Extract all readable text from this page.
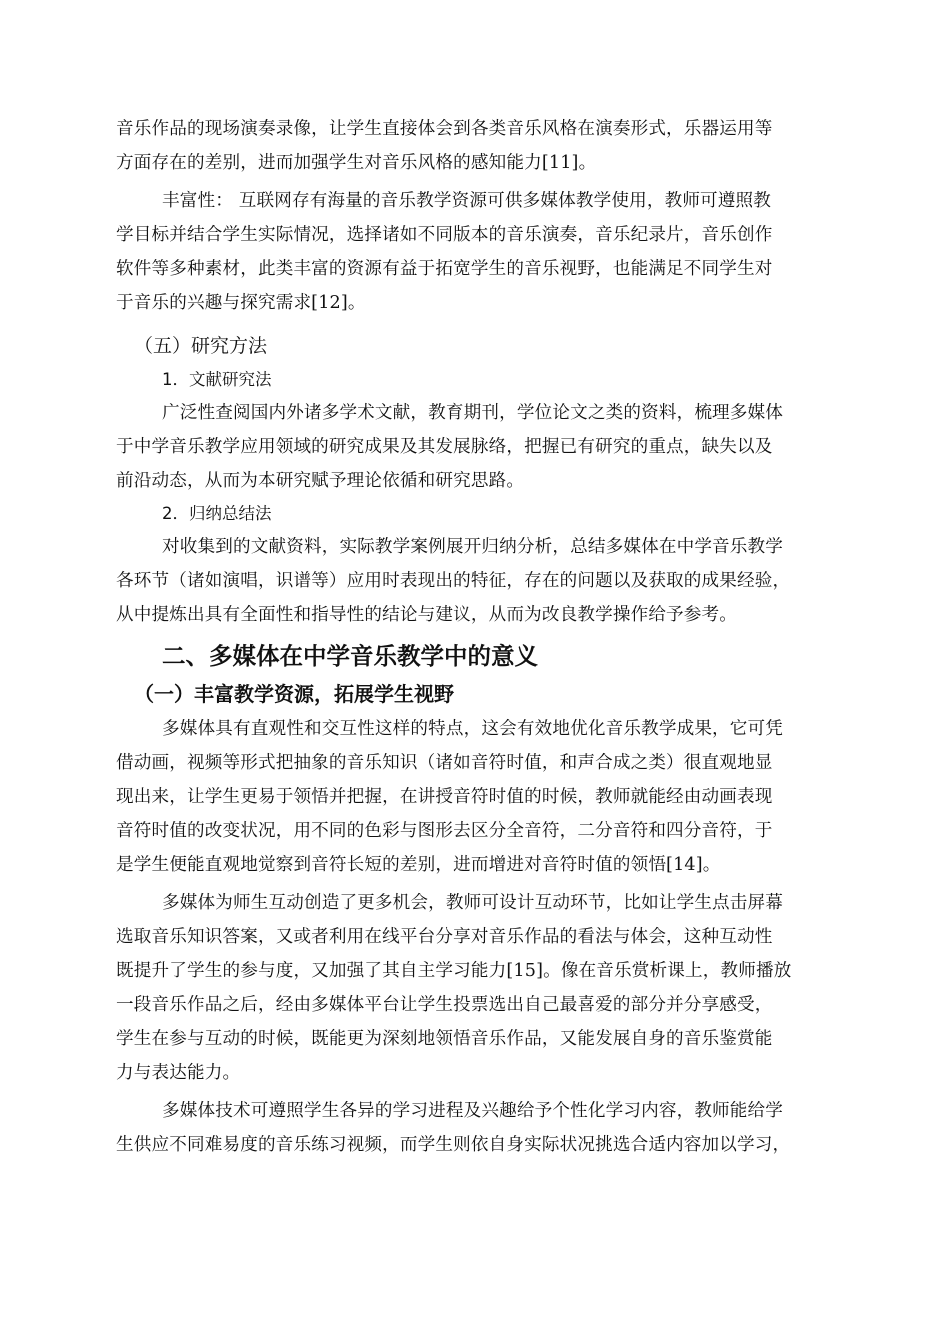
音乐作品的现场演奏录像，让学生直接体会到各类音乐风格在演奏形式，乐器运用等
方面存在的差别，进而加强学生对音乐风格的感知能力[11]。
丰富性： 互联网存有海量的音乐教学资源可供多媒体教学使用，教师可遵照教
学目标并结合学生实际情况，选择诸如不同版本的音乐演奏，音乐纪录片，音乐创作
软件等多种素材，此类丰富的资源有益于拓宽学生的音乐视野，也能满足不同学生对
于音乐的兴趣与探究需求[12]。
（五）研究方法
1．文献研究法
广泛性查阅国内外诸多学术文献，教育期刊，学位论文之类的资料，梳理多媒体
于中学音乐教学应用领域的研究成果及其发展脉络，把握已有研究的重点，缺失以及
前沿动态，从而为本研究赋予理论依循和研究思路。
2．归纳总结法
对收集到的文献资料，实际教学案例展开归纳分析，总结多媒体在中学音乐教学
各环节（诸如演唱，识谱等）应用时表现出的特征，存在的问题以及获取的成果经验，
从中提炼出具有全面性和指导性的结论与建议，从而为改良教学操作给予参考。
二、多媒体在中学音乐教学中的意义
（一）丰富教学资源，拓展学生视野
多媒体具有直观性和交互性这样的特点，这会有效地优化音乐教学成果，它可凭
借动画，视频等形式把抽象的音乐知识（诸如音符时值，和声合成之类）很直观地显
现出来，让学生更易于领悟并把握，在讲授音符时值的时候，教师就能经由动画表现
音符时值的改变状况，用不同的色彩与图形去区分全音符，二分音符和四分音符，于
是学生便能直观地觉察到音符长短的差别，进而增进对音符时值的领悟[14]。
多媒体为师生互动创造了更多机会，教师可设计互动环节，比如让学生点击屏幕
选取音乐知识答案，又或者利用在线平台分享对音乐作品的看法与体会，这种互动性
既提升了学生的参与度，又加强了其自主学习能力[15]。像在音乐赏析课上，教师播放
一段音乐作品之后，经由多媒体平台让学生投票选出自己最喜爱的部分并分享感受，
学生在参与互动的时候，既能更为深刻地领悟音乐作品，又能发展自身的音乐鉴赏能
力与表达能力。
多媒体技术可遵照学生各异的学习进程及兴趣给予个性化学习内容，教师能给学
生供应不同难易度的音乐练习视频，而学生则依自身实际状况挑选合适内容加以学习，
